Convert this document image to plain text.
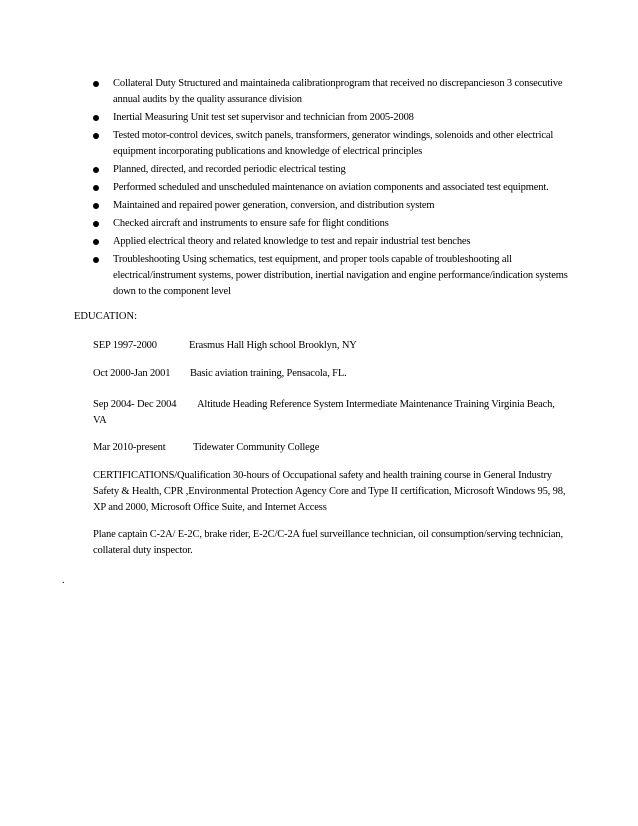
Collateral Duty Structured and maintaineda calibrationprogram that received no discrepancieson 3 consecutive annual audits by the quality assurance division
Inertial Measuring Unit test set supervisor and technician from 2005-2008
Tested motor-control devices, switch panels, transformers, generator windings, solenoids and other electrical equipment incorporating publications and knowledge of electrical principles
Planned, directed, and recorded periodic electrical testing
Performed scheduled and unscheduled maintenance on aviation components and associated test equipment.
Maintained and repaired power generation, conversion, and distribution system
Checked aircraft and instruments to ensure safe for flight conditions
Applied electrical theory and related knowledge to test and repair industrial test benches
Troubleshooting Using schematics, test equipment, and proper tools capable of troubleshooting all electrical/instrument systems, power distribution, inertial navigation and engine performance/indication systems down to the component level
EDUCATION:
SEP 1997-2000	Erasmus Hall High school Brooklyn, NY
Oct 2000-Jan 2001 Basic aviation training, Pensacola, FL.
Sep 2004- Dec 2004 Altitude Heading Reference System Intermediate Maintenance Training Virginia Beach,
VA
Mar 2010-present	Tidewater Community College
CERTIFICATIONS/Qualification 30-hours of Occupational safety and health training course in General Industry Safety & Health, CPR ,Environmental Protection Agency Core and Type II certification, Microsoft Windows 95, 98, XP and 2000, Microsoft Office Suite, and Internet Access
Plane captain C-2A/ E-2C, brake rider, E-2C/C-2A fuel surveillance technician, oil consumption/serving technician, collateral duty inspector.
.
